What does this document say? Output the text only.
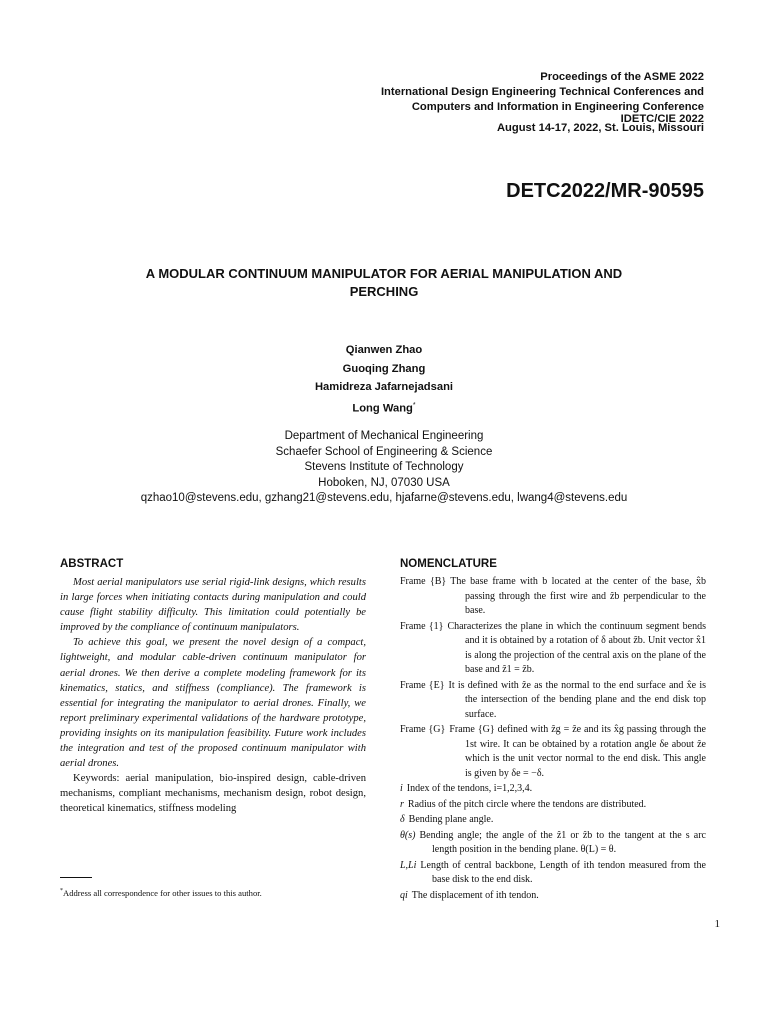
Proceedings of the ASME 2022
International Design Engineering Technical Conferences and
Computers and Information in Engineering Conference
IDETC/CIE 2022
August 14-17, 2022, St. Louis, Missouri
DETC2022/MR-90595
A MODULAR CONTINUUM MANIPULATOR FOR AERIAL MANIPULATION AND
PERCHING
Qianwen Zhao
Guoqing Zhang
Hamidreza Jafarnejadsani
Long Wang*
Department of Mechanical Engineering
Schaefer School of Engineering & Science
Stevens Institute of Technology
Hoboken, NJ, 07030 USA
qzhao10@stevens.edu, gzhang21@stevens.edu, hjafarne@stevens.edu, lwang4@stevens.edu
ABSTRACT

Most aerial manipulators use serial rigid-link designs, which results in large forces when initiating contacts during manipulation and could cause flight stability difficulty. This limitation could potentially be improved by the compliance of continuum manipulators.

To achieve this goal, we present the novel design of a compact, lightweight, and modular cable-driven continuum manipulator for aerial drones. We then derive a complete modeling framework for its kinematics, statics, and stiffness (compliance). The framework is essential for integrating the manipulator to aerial drones. Finally, we report preliminary experimental validations of the hardware prototype, providing insights on its manipulation feasibility. Future work includes the integration and test of the proposed continuum manipulator with aerial drones.

Keywords: aerial manipulation, bio-inspired design, cable-driven mechanisms, compliant mechanisms, mechanism design, robot design, theoretical kinematics, stiffness modeling

NOMENCLATURE
Frame {B} The base frame with b located at the center of the base, x̂b passing through the first wire and ẑb perpendicular to the base.
Frame {1} Characterizes the plane in which the continuum segment bends and it is obtained by a rotation of δ about ẑb. Unit vector x̂1 is along the projection of the central axis on the plane of the base and ẑ1 = ẑb.
Frame {E} It is defined with ẑe as the normal to the end surface and x̂e is the intersection of the bending plane and the end disk top surface.
Frame {G} Frame {G} defined with ẑg = ẑe and its x̂g passing through the 1st wire. It can be obtained by a rotation angle δe about ẑe which is the unit vector normal to the end disk. This angle is given by δe = −δ.
i Index of the tendons, i=1,2,3,4.
r Radius of the pitch circle where the tendons are distributed.
δ Bending plane angle.
θ(s) Bending angle; the angle of the ẑ1 or ẑb to the tangent at the s arc length position in the bending plane. θ(L) = θ.
L,Li Length of central backbone, Length of ith tendon measured from the base disk to the end disk.
qi The displacement of ith tendon.
*Address all correspondence for other issues to this author.
1
